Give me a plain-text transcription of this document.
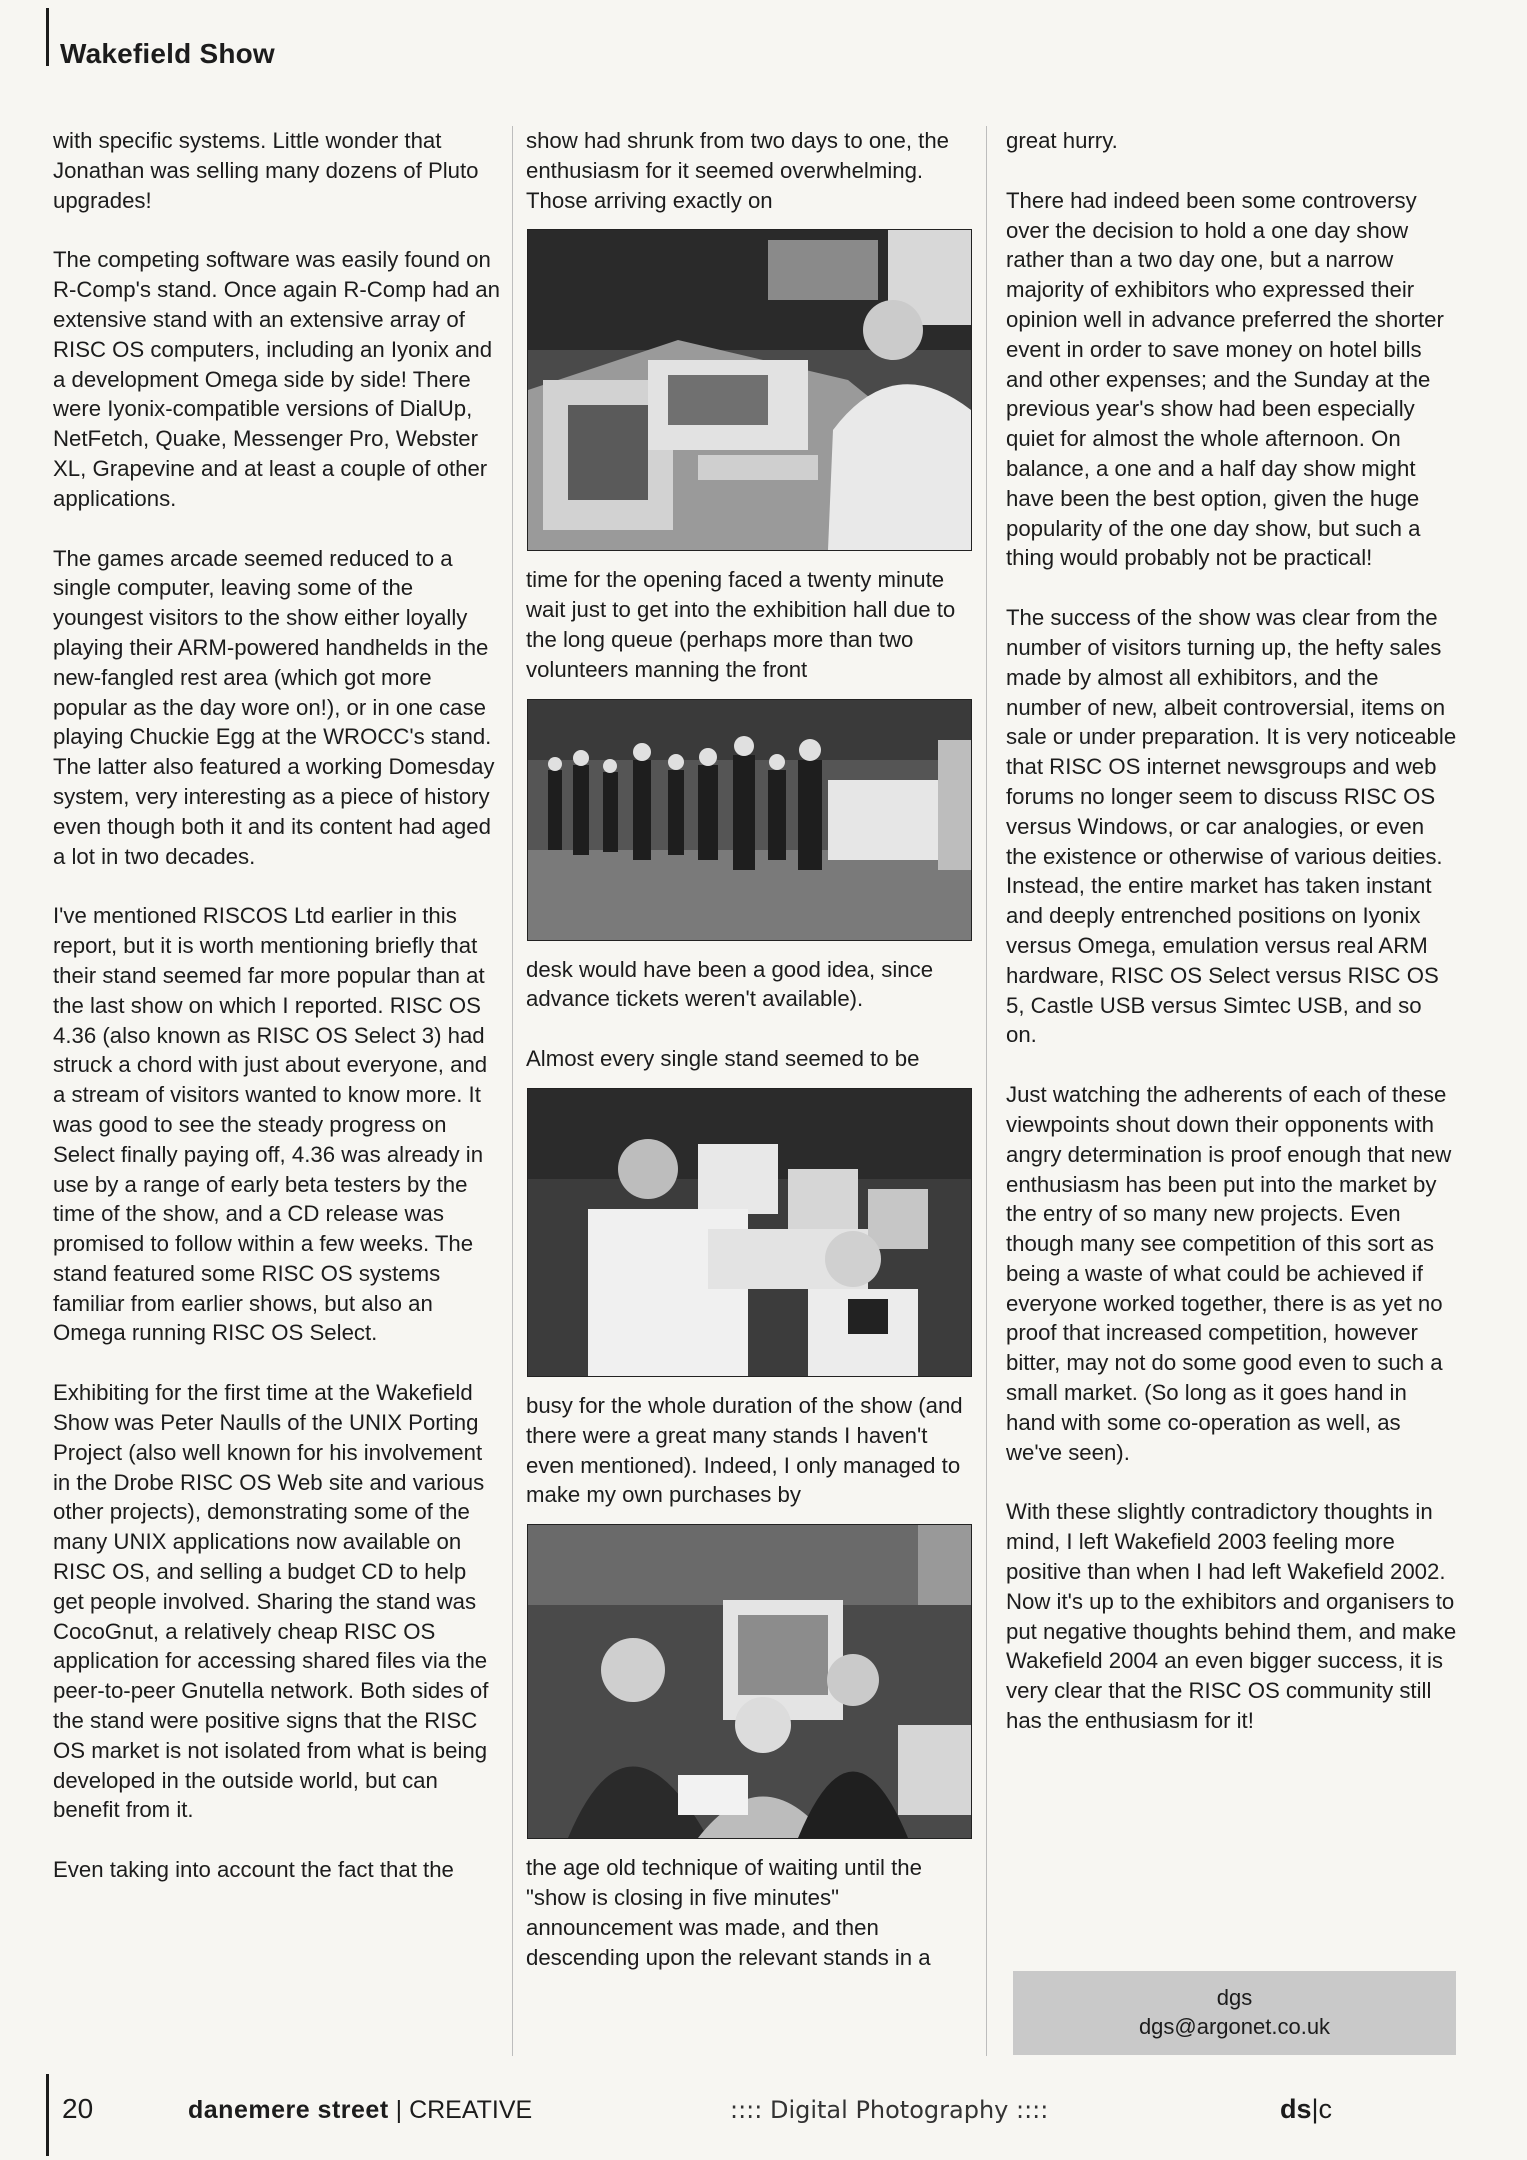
Wakefield Show

with specific systems. Little wonder that Jonathan was selling many dozens of Pluto upgrades!

The competing software was easily found on R-Comp's stand. Once again R-Comp had an extensive stand with an extensive array of RISC OS computers, including an Iyonix and a development Omega side by side! There were Iyonix-compatible versions of DialUp, NetFetch, Quake, Messenger Pro, Webster XL, Grapevine and at least a couple of other applications.

The games arcade seemed reduced to a single computer, leaving some of the youngest visitors to the show either loyally playing their ARM-powered handhelds in the new-fangled rest area (which got more popular as the day wore on!), or in one case playing Chuckie Egg at the WROCC's stand. The latter also featured a working Domesday system, very interesting as a piece of history even though both it and its content had aged a lot in two decades.

I've mentioned RISCOS Ltd earlier in this report, but it is worth mentioning briefly that their stand seemed far more popular than at the last show on which I reported. RISC OS 4.36 (also known as RISC OS Select 3) had struck a chord with just about everyone, and a stream of visitors wanted to know more. It was good to see the steady progress on Select finally paying off, 4.36 was already in use by a range of early beta testers by the time of the show, and a CD release was promised to follow within a few weeks. The stand featured some RISC OS systems familiar from earlier shows, but also an Omega running RISC OS Select.

Exhibiting for the first time at the Wakefield Show was Peter Naulls of the UNIX Porting Project (also well known for his involvement in the Drobe RISC OS Web site and various other projects), demonstrating some of the many UNIX applications now available on RISC OS, and selling a budget CD to help get people involved. Sharing the stand was CocoGnut, a relatively cheap RISC OS application for accessing shared files via the peer-to-peer Gnutella network. Both sides of the stand were positive signs that the RISC OS market is not isolated from what is being developed in the outside world, but can benefit from it.

Even taking into account the fact that the

show had shrunk from two days to one, the enthusiasm for it seemed overwhelming. Those arriving exactly on

time for the opening faced a twenty minute wait just to get into the exhibition hall due to the long queue (perhaps more than two volunteers manning the front

desk would have been a good idea, since advance tickets weren't available).

Almost every single stand seemed to be

busy for the whole duration of the show (and there were a great many stands I haven't even mentioned). Indeed, I only managed to make my own purchases by

the age old technique of waiting until the "show is closing in five minutes" announcement was made, and then descending upon the relevant stands in a

great hurry.

There had indeed been some controversy over the decision to hold a one day show rather than a two day one, but a narrow majority of exhibitors who expressed their opinion well in advance preferred the shorter event in order to save money on hotel bills and other expenses; and the Sunday at the previous year's show had been especially quiet for almost the whole afternoon. On balance, a one and a half day show might have been the best option, given the huge popularity of the one day show, but such a thing would probably not be practical!

The success of the show was clear from the number of visitors turning up, the hefty sales made by almost all exhibitors, and the number of new, albeit controversial, items on sale or under preparation. It is very noticeable that RISC OS internet newsgroups and web forums no longer seem to discuss RISC OS versus Windows, or car analogies, or even the existence or otherwise of various deities. Instead, the entire market has taken instant and deeply entrenched positions on Iyonix versus Omega, emulation versus real ARM hardware, RISC OS Select versus RISC OS 5, Castle USB versus Simtec USB, and so on.

Just watching the adherents of each of these viewpoints shout down their opponents with angry determination is proof enough that new enthusiasm has been put into the market by the entry of so many new projects. Even though many see competition of this sort as being a waste of what could be achieved if everyone worked together, there is as yet no proof that increased competition, however bitter, may not do some good even to such a small market. (So long as it goes hand in hand with some co-operation as well, as we've seen).

With these slightly contradictory thoughts in mind, I left Wakefield 2003 feeling more positive than when I had left Wakefield 2002. Now it's up to the exhibitors and organisers to put negative thoughts behind them, and make Wakefield 2004 an even bigger success, it is very clear that the RISC OS community still has the enthusiasm for it!

dgs
dgs@argonet.co.uk
20	danemere street | CREATIVE	:::: Digital Photography ::::	ds|c
